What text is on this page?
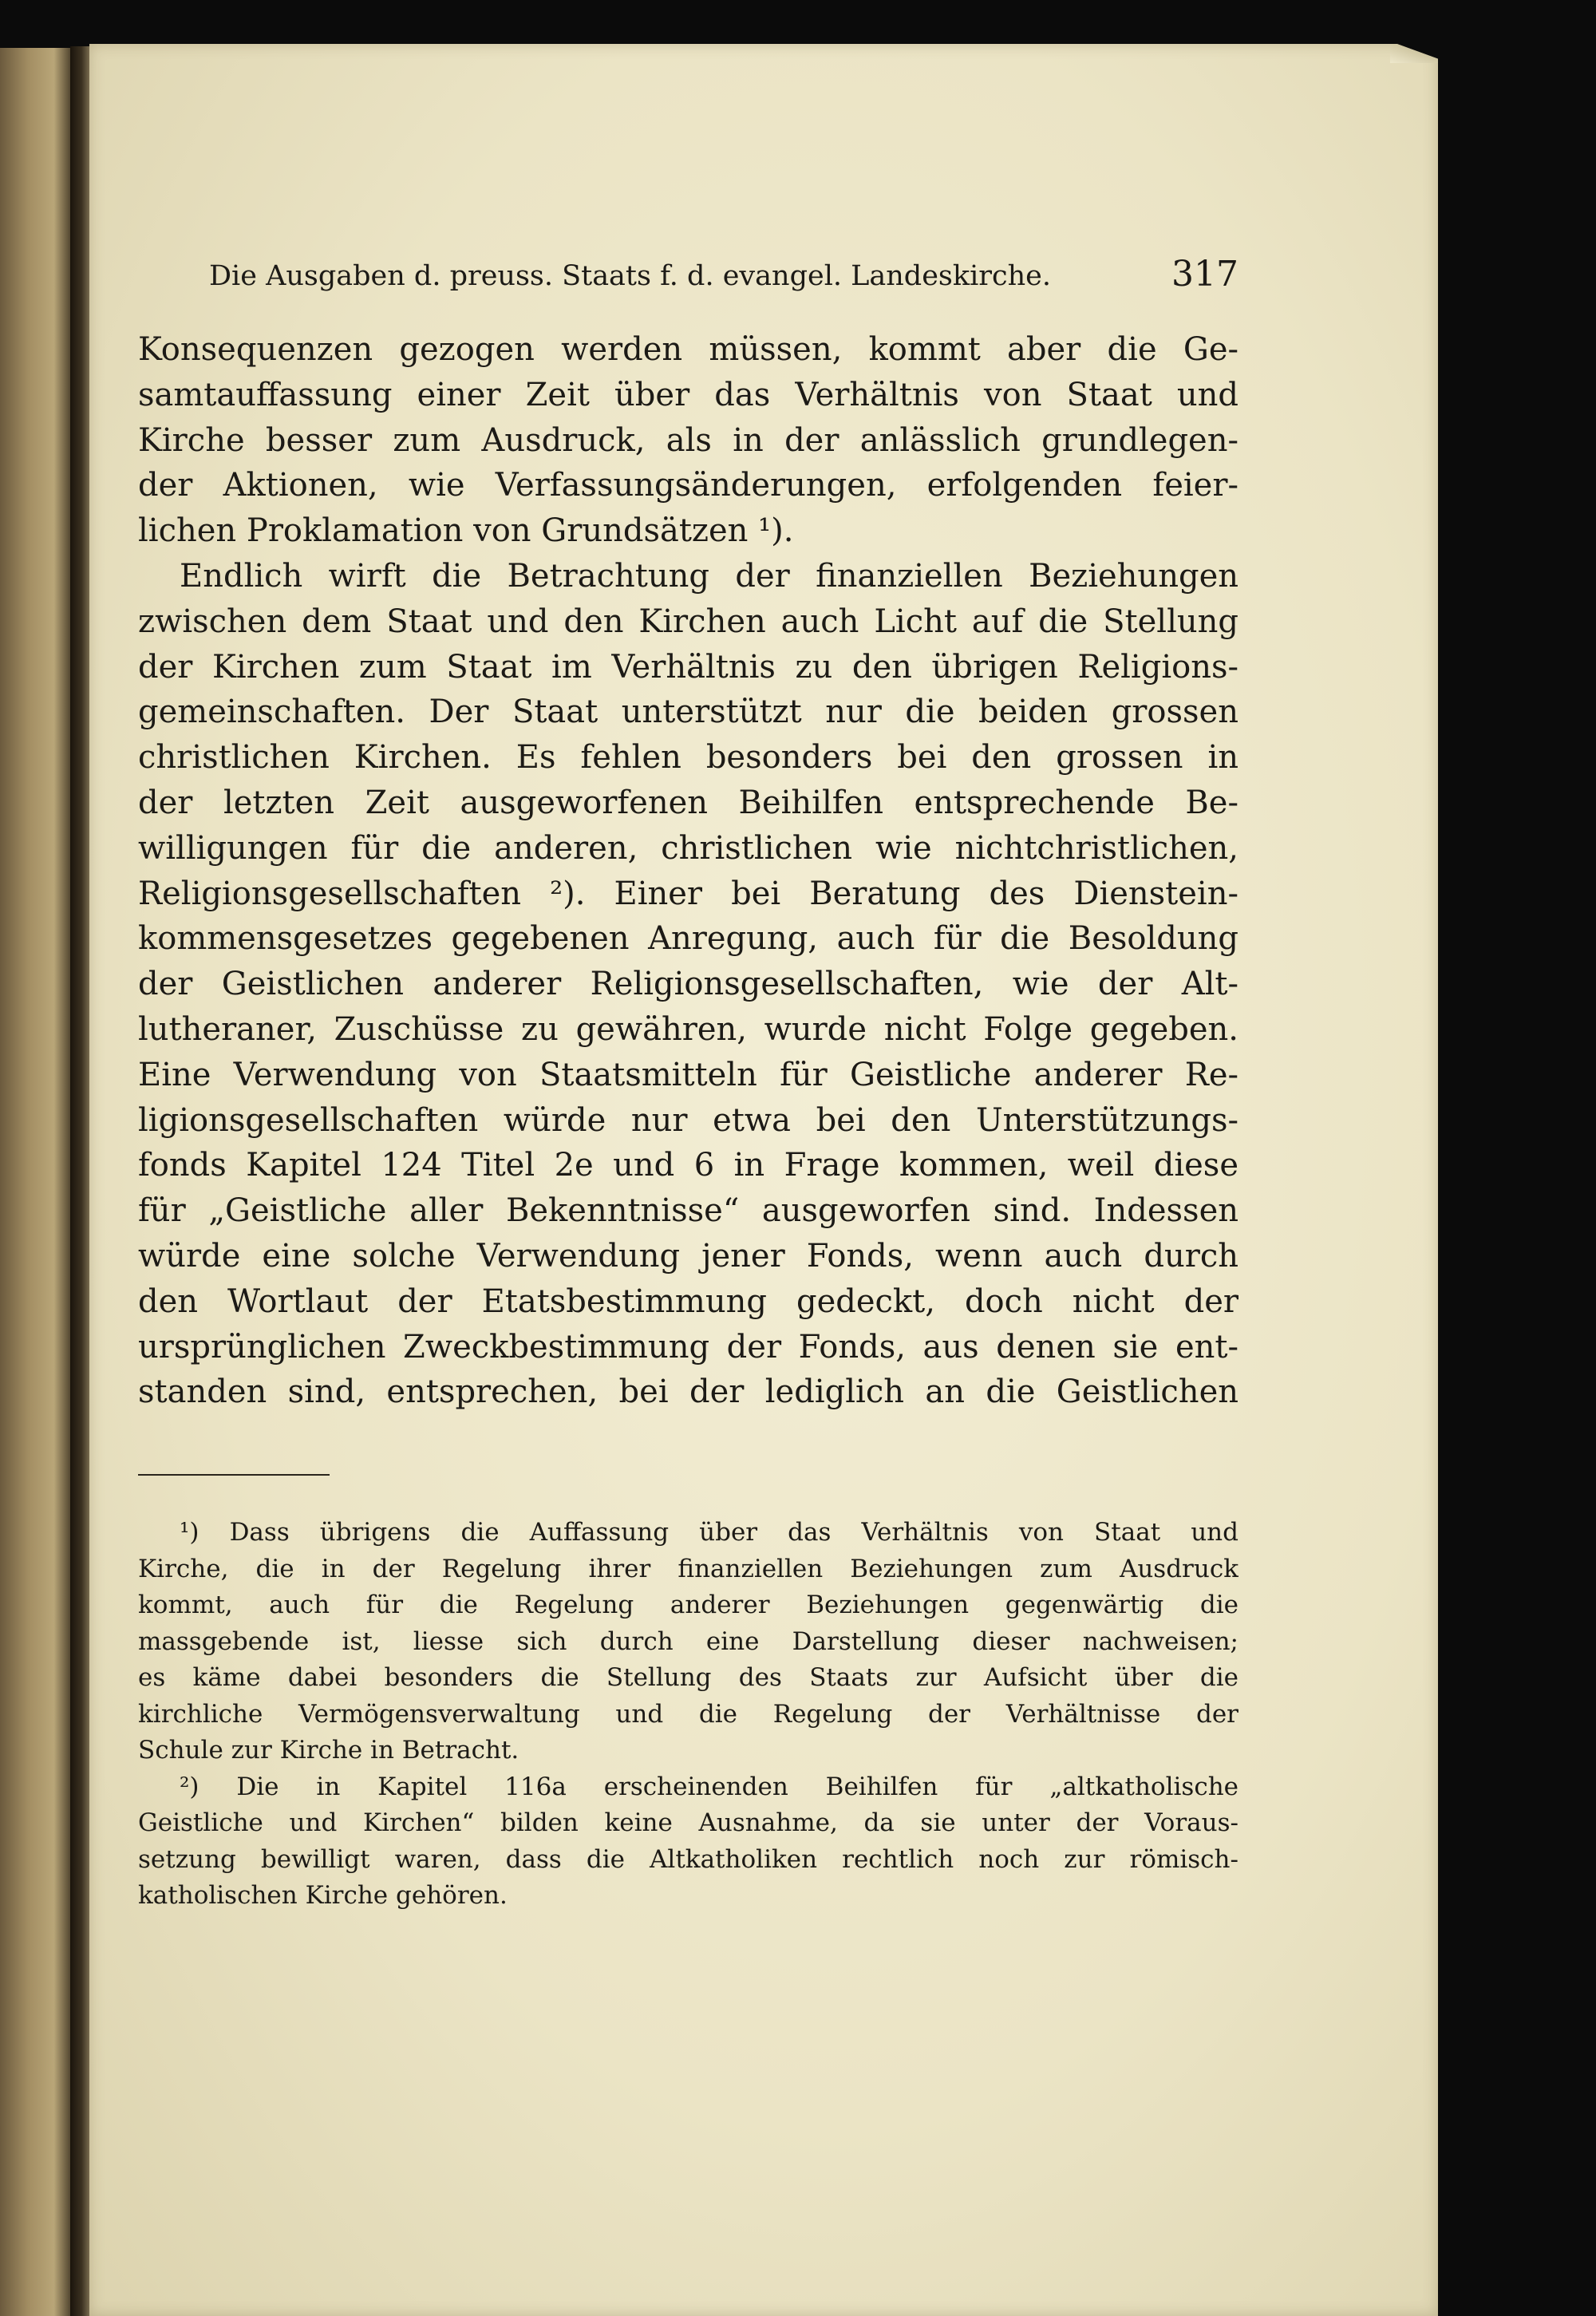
Die Ausgaben d. preuss. Staats f. d. evangel. Landeskirche.	317
Konsequenzen gezogen werden müssen, kommt aber die Ge-
samtauffassung einer Zeit über das Verhältnis von Staat und
Kirche besser zum Ausdruck, als in der anlässlich grundlegen-
der Aktionen, wie Verfassungsänderungen, erfolgenden feier-
lichen Proklamation von Grundsätzen ¹).
Endlich wirft die Betrachtung der finanziellen Beziehungen
zwischen dem Staat und den Kirchen auch Licht auf die Stellung
der Kirchen zum Staat im Verhältnis zu den übrigen Religions-
gemeinschaften. Der Staat unterstützt nur die beiden grossen
christlichen Kirchen. Es fehlen besonders bei den grossen in
der letzten Zeit ausgeworfenen Beihilfen entsprechende Be-
willigungen für die anderen, christlichen wie nichtchristlichen,
Religionsgesellschaften ²). Einer bei Beratung des Dienstein-
kommensgesetzes gegebenen Anregung, auch für die Besoldung
der Geistlichen anderer Religionsgesellschaften, wie der Alt-
lutheraner, Zuschüsse zu gewähren, wurde nicht Folge gegeben.
Eine Verwendung von Staatsmitteln für Geistliche anderer Re-
ligionsgesellschaften würde nur etwa bei den Unterstützungs-
fonds Kapitel 124 Titel 2e und 6 in Frage kommen, weil diese
für „Geistliche aller Bekenntnisse“ ausgeworfen sind. Indessen
würde eine solche Verwendung jener Fonds, wenn auch durch
den Wortlaut der Etatsbestimmung gedeckt, doch nicht der
ursprünglichen Zweckbestimmung der Fonds, aus denen sie ent-
standen sind, entsprechen, bei der lediglich an die Geistlichen
¹) Dass übrigens die Auffassung über das Verhältnis von Staat und
Kirche, die in der Regelung ihrer finanziellen Beziehungen zum Ausdruck
kommt, auch für die Regelung anderer Beziehungen gegenwärtig die
massgebende ist, liesse sich durch eine Darstellung dieser nachweisen;
es käme dabei besonders die Stellung des Staats zur Aufsicht über die
kirchliche Vermögensverwaltung und die Regelung der Verhältnisse der
Schule zur Kirche in Betracht.
²) Die in Kapitel 116a erscheinenden Beihilfen für „altkatholische
Geistliche und Kirchen“ bilden keine Ausnahme, da sie unter der Voraus-
setzung bewilligt waren, dass die Altkatholiken rechtlich noch zur römisch-
katholischen Kirche gehören.
